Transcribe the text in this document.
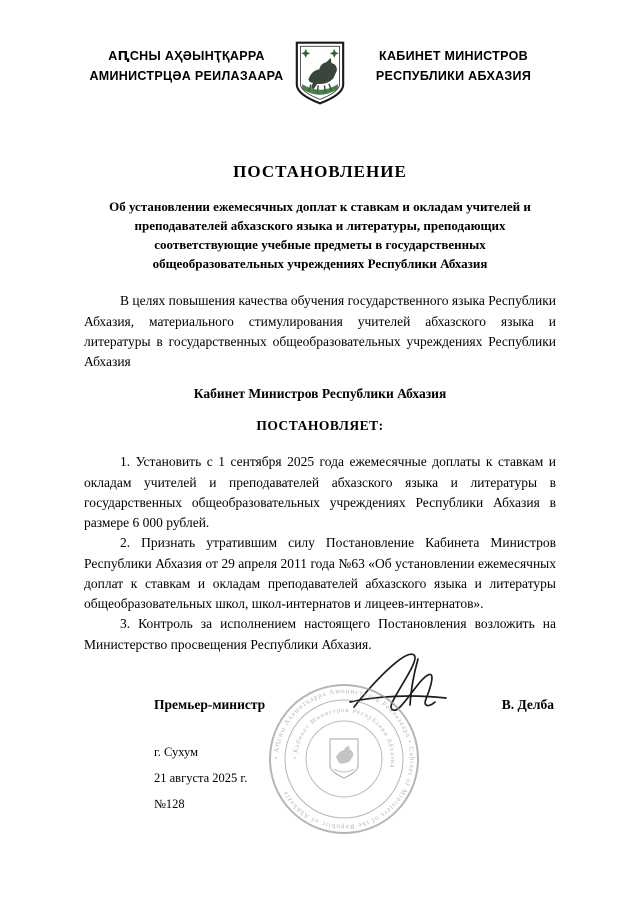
АԤСНЫ АҲӘЫНҬҚАРРА
АМИНИСТРЦӘА РЕИЛАЗААРА
КАБИНЕТ МИНИСТРОВ
РЕСПУБЛИКИ АБХАЗИЯ
ПОСТАНОВЛЕНИЕ
Об установлении ежемесячных доплат к ставкам и окладам учителей и преподавателей абхазского языка и литературы, преподающих соответствующие учебные предметы в государственных общеобразовательных учреждениях Республики Абхазия

В целях повышения качества обучения государственного языка Республики Абхазия, материального стимулирования учителей абхазского языка и литературы в государственных общеобразовательных учреждениях Республики Абхазия

Кабинет Министров Республики Абхазия

ПОСТАНОВЛЯЕТ:

1. Установить с 1 сентября 2025 года ежемесячные доплаты к ставкам и окладам учителей и преподавателей абхазского языка и литературы в государственных общеобразовательных учреждениях Республики Абхазия в размере 6 000 рублей.

2. Признать утратившим силу Постановление Кабинета Министров Республики Абхазия от 29 апреля 2011 года №63 «Об установлении ежемесячных доплат к ставкам и окладам преподавателей абхазского языка и литературы общеобразовательных школ, школ-интернатов и лицеев-интернатов».

3. Контроль за исполнением настоящего Постановления возложить на Министерство просвещения Республики Абхазия.

Премьер-министр	В. Делба
г. Сухум
21 августа 2025 г.
№128
• Аԥсны Аҳәынҭқарра Аминистрцәа Реилазаара • Cabinet of Ministers of the Republic of Abkhazia
• Кабинет Министров Республики Абхазия
